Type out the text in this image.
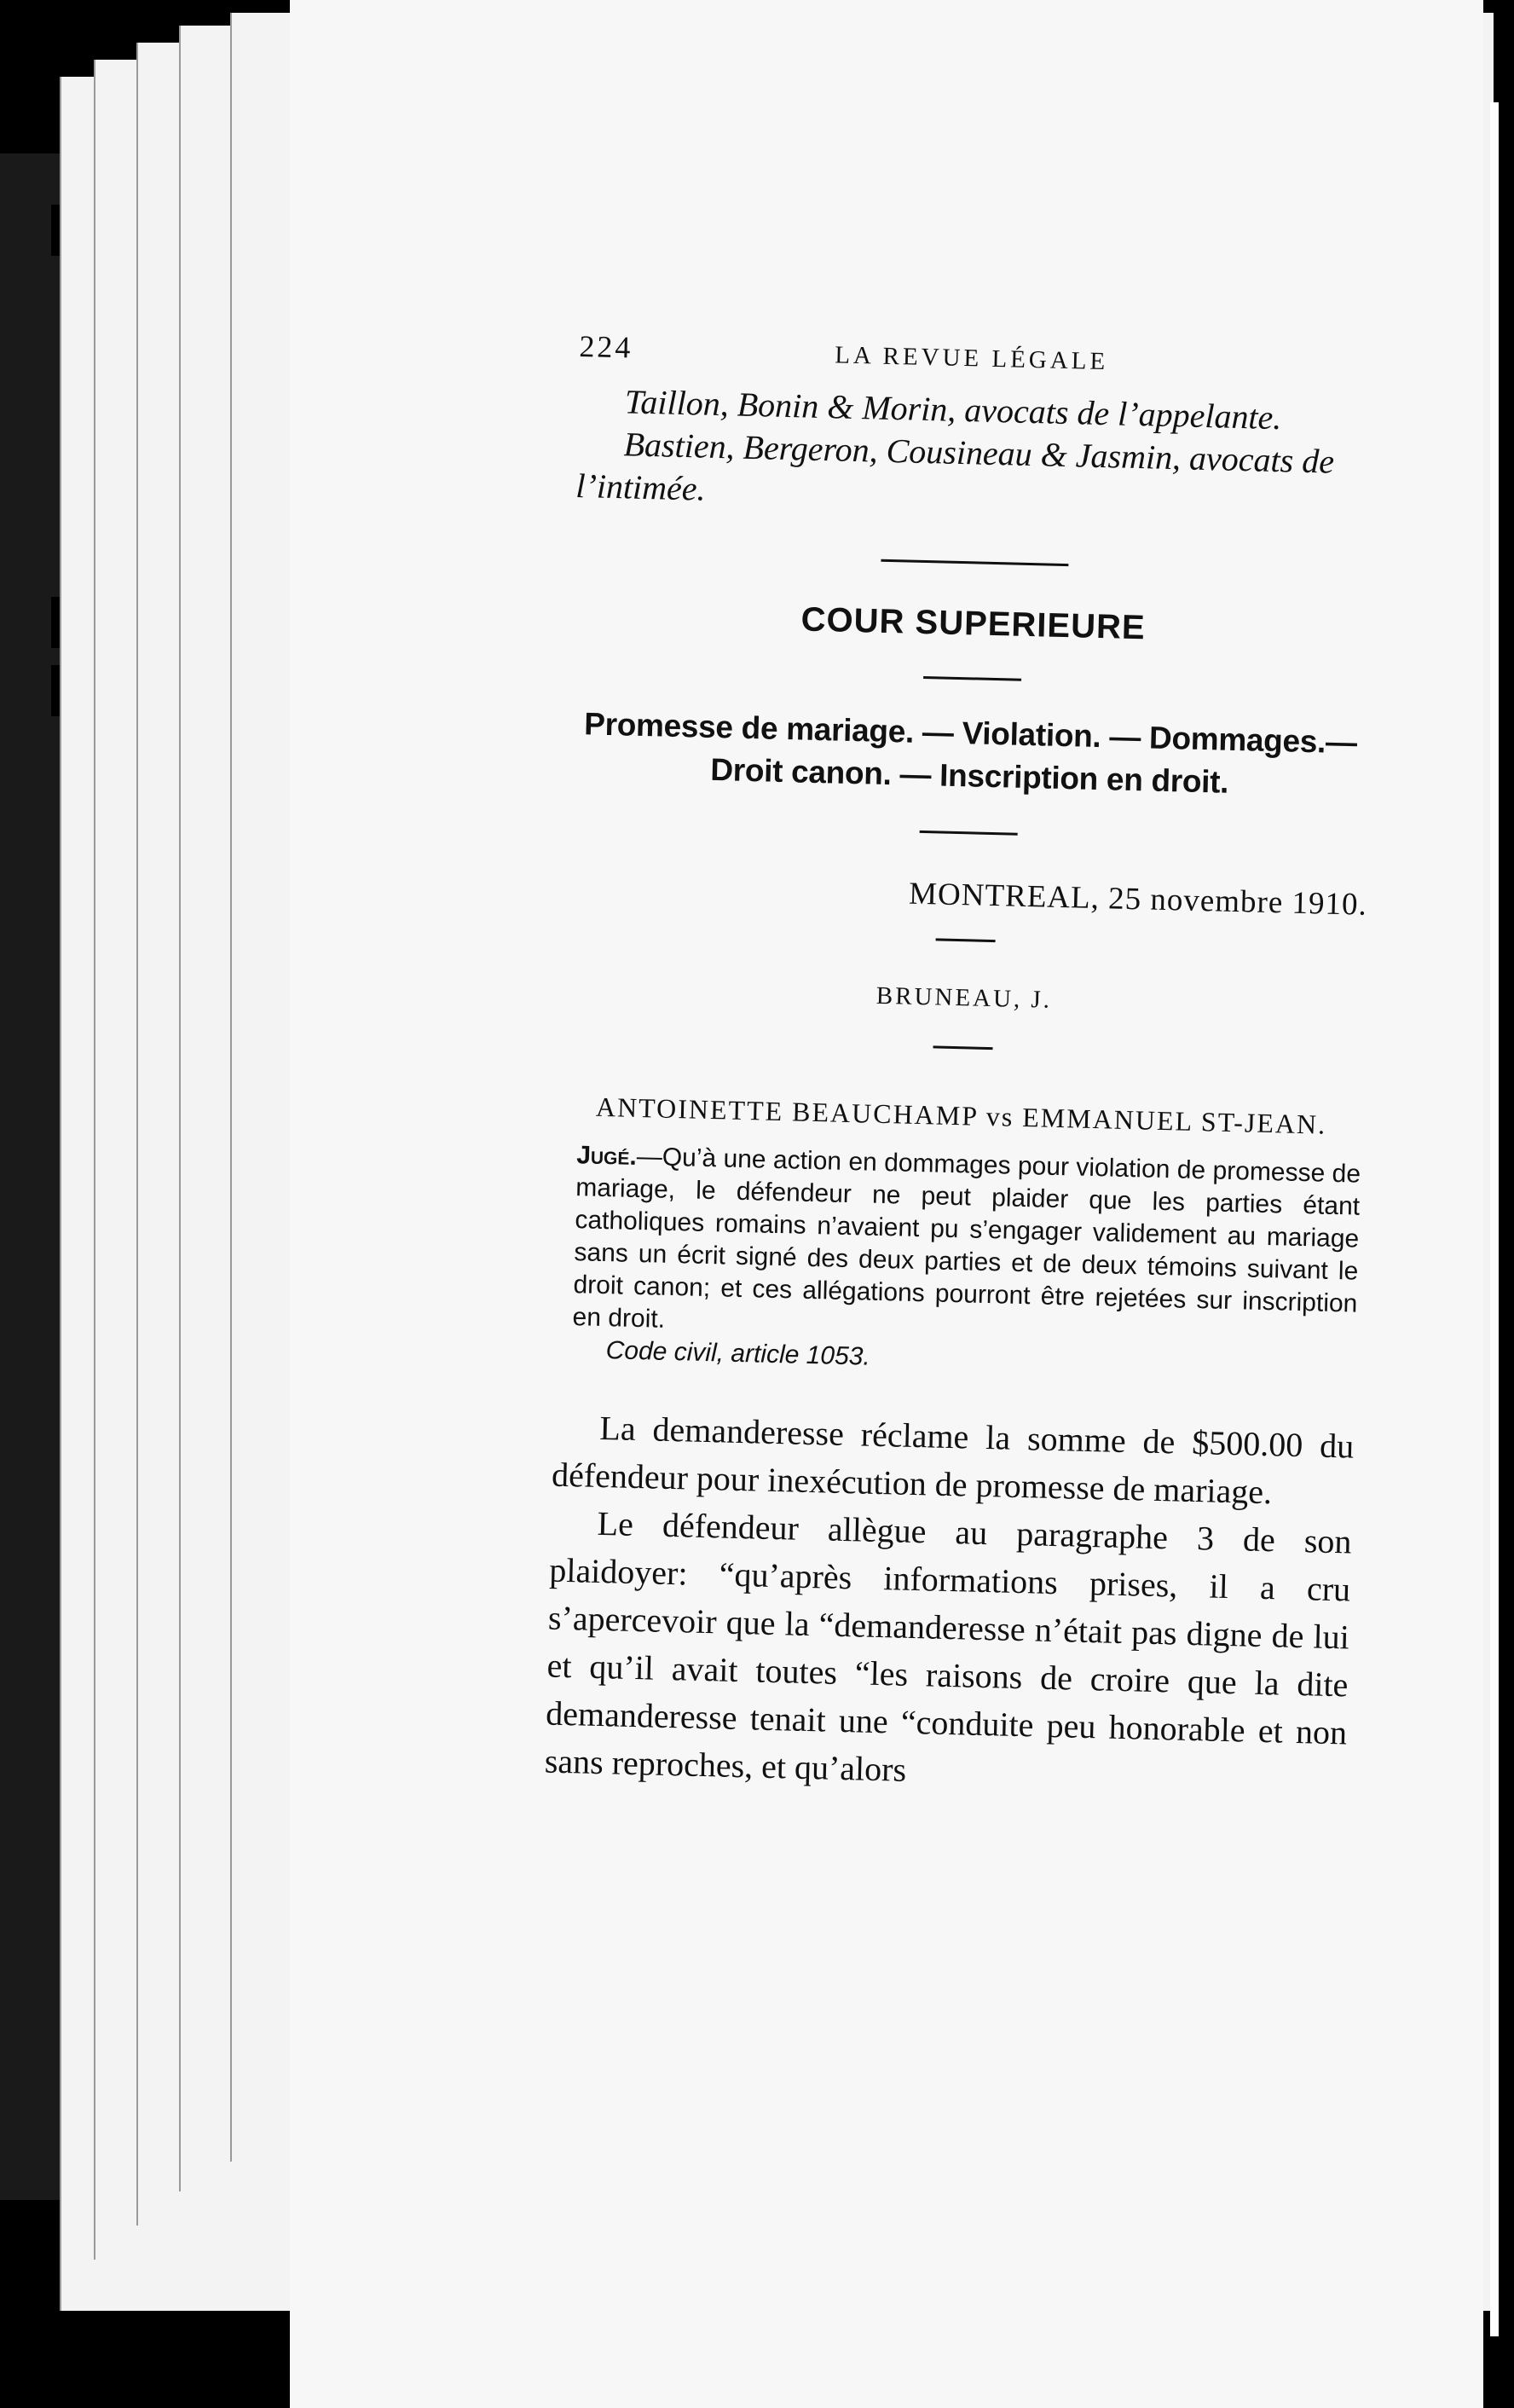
224	LA REVUE LÉGALE

Taillon, Bonin & Morin, avocats de l’appelante.

Bastien, Bergeron, Cousineau & Jasmin, avocats de l’intimée.

COUR SUPERIEURE
Promesse de mariage. — Violation. — Dommages.—Droit canon. — Inscription en droit.
MONTREAL, 25 novembre 1910.
BRUNEAU, J.
ANTOINETTE BEAUCHAMP vs EMMANUEL ST-JEAN.
Jugé.—Qu’à une action en dommages pour violation de promesse de mariage, le défendeur ne peut plaider que les parties étant catholiques romains n’avaient pu s’engager validement au mariage sans un écrit signé des deux parties et de deux témoins suivant le droit canon; et ces allégations pourront être rejetées sur inscription en droit.
Code civil, article 1053.

La demanderesse réclame la somme de $500.00 du défendeur pour inexécution de promesse de mariage.

Le défendeur allègue au paragraphe 3 de son plaidoyer: “qu’après informations prises, il a cru s’apercevoir que la “demanderesse n’était pas digne de lui et qu’il avait toutes “les raisons de croire que la dite demanderesse tenait une “conduite peu honorable et non sans reproches, et qu’alors
